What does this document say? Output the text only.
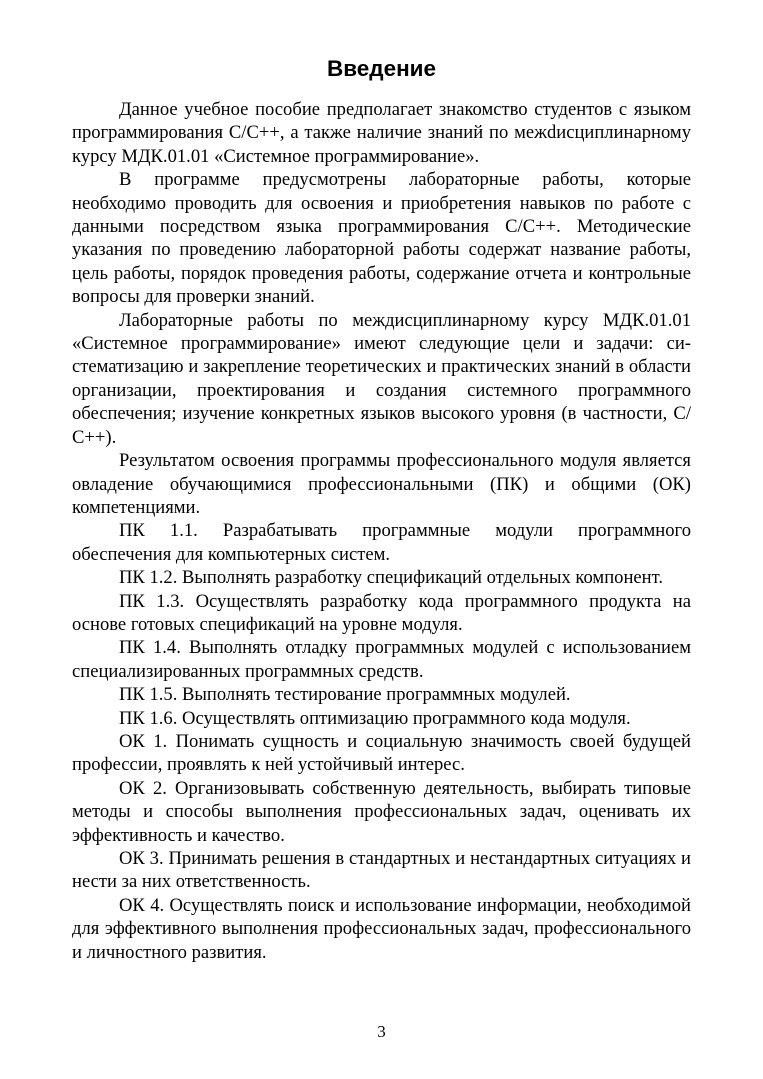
Введение

Данное учебное пособие предполагает знакомство студентов с языком программирования С/С++, а также наличие знаний по межdисциплинарному курсу МДК.01.01 «Системное программирование».

В программе предусмотрены лабораторные работы, которые необходимо проводить для освоения и приобретения навыков по работе с данными посредством языка программирования С/С++. Методические указания по проведению лабораторной работы содержат название работы, цель работы, порядок проведения работы, содержание отчета и контрольные вопросы для проверки знаний.

Лабораторные работы по междисциплинарному курсу МДК.01.01 «Системное программирование» имеют следующие цели и задачи: систематизацию и закрепление теоретических и практических знаний в области организации, проектирования и создания системного программного обеспечения; изучение конкретных языков высокого уровня (в частности, С/С++).

Результатом освоения программы профессионального модуля является овладение обучающимися профессиональными (ПК) и общими (ОК) компетенциями.

ПК 1.1. Разрабатывать программные модули программного обеспечения для компьютерных систем.

ПК 1.2. Выполнять разработку спецификаций отдельных компонент.

ПК 1.3. Осуществлять разработку кода программного продукта на основе готовых спецификаций на уровне модуля.

ПК 1.4. Выполнять отладку программных модулей с использованием специализированных программных средств.

ПК 1.5. Выполнять тестирование программных модулей.

ПК 1.6. Осуществлять оптимизацию программного кода модуля.

ОК 1. Понимать сущность и социальную значимость своей будущей профессии, проявлять к ней устойчивый интерес.

ОК 2. Организовывать собственную деятельность, выбирать типовые методы и способы выполнения профессиональных задач, оценивать их эффективность и качество.

ОК 3. Принимать решения в стандартных и нестандартных ситуациях и нести за них ответственность.

ОК 4. Осуществлять поиск и использование информации, необходимой для эффективного выполнения профессиональных задач, профессионального и личностного развития.

3
